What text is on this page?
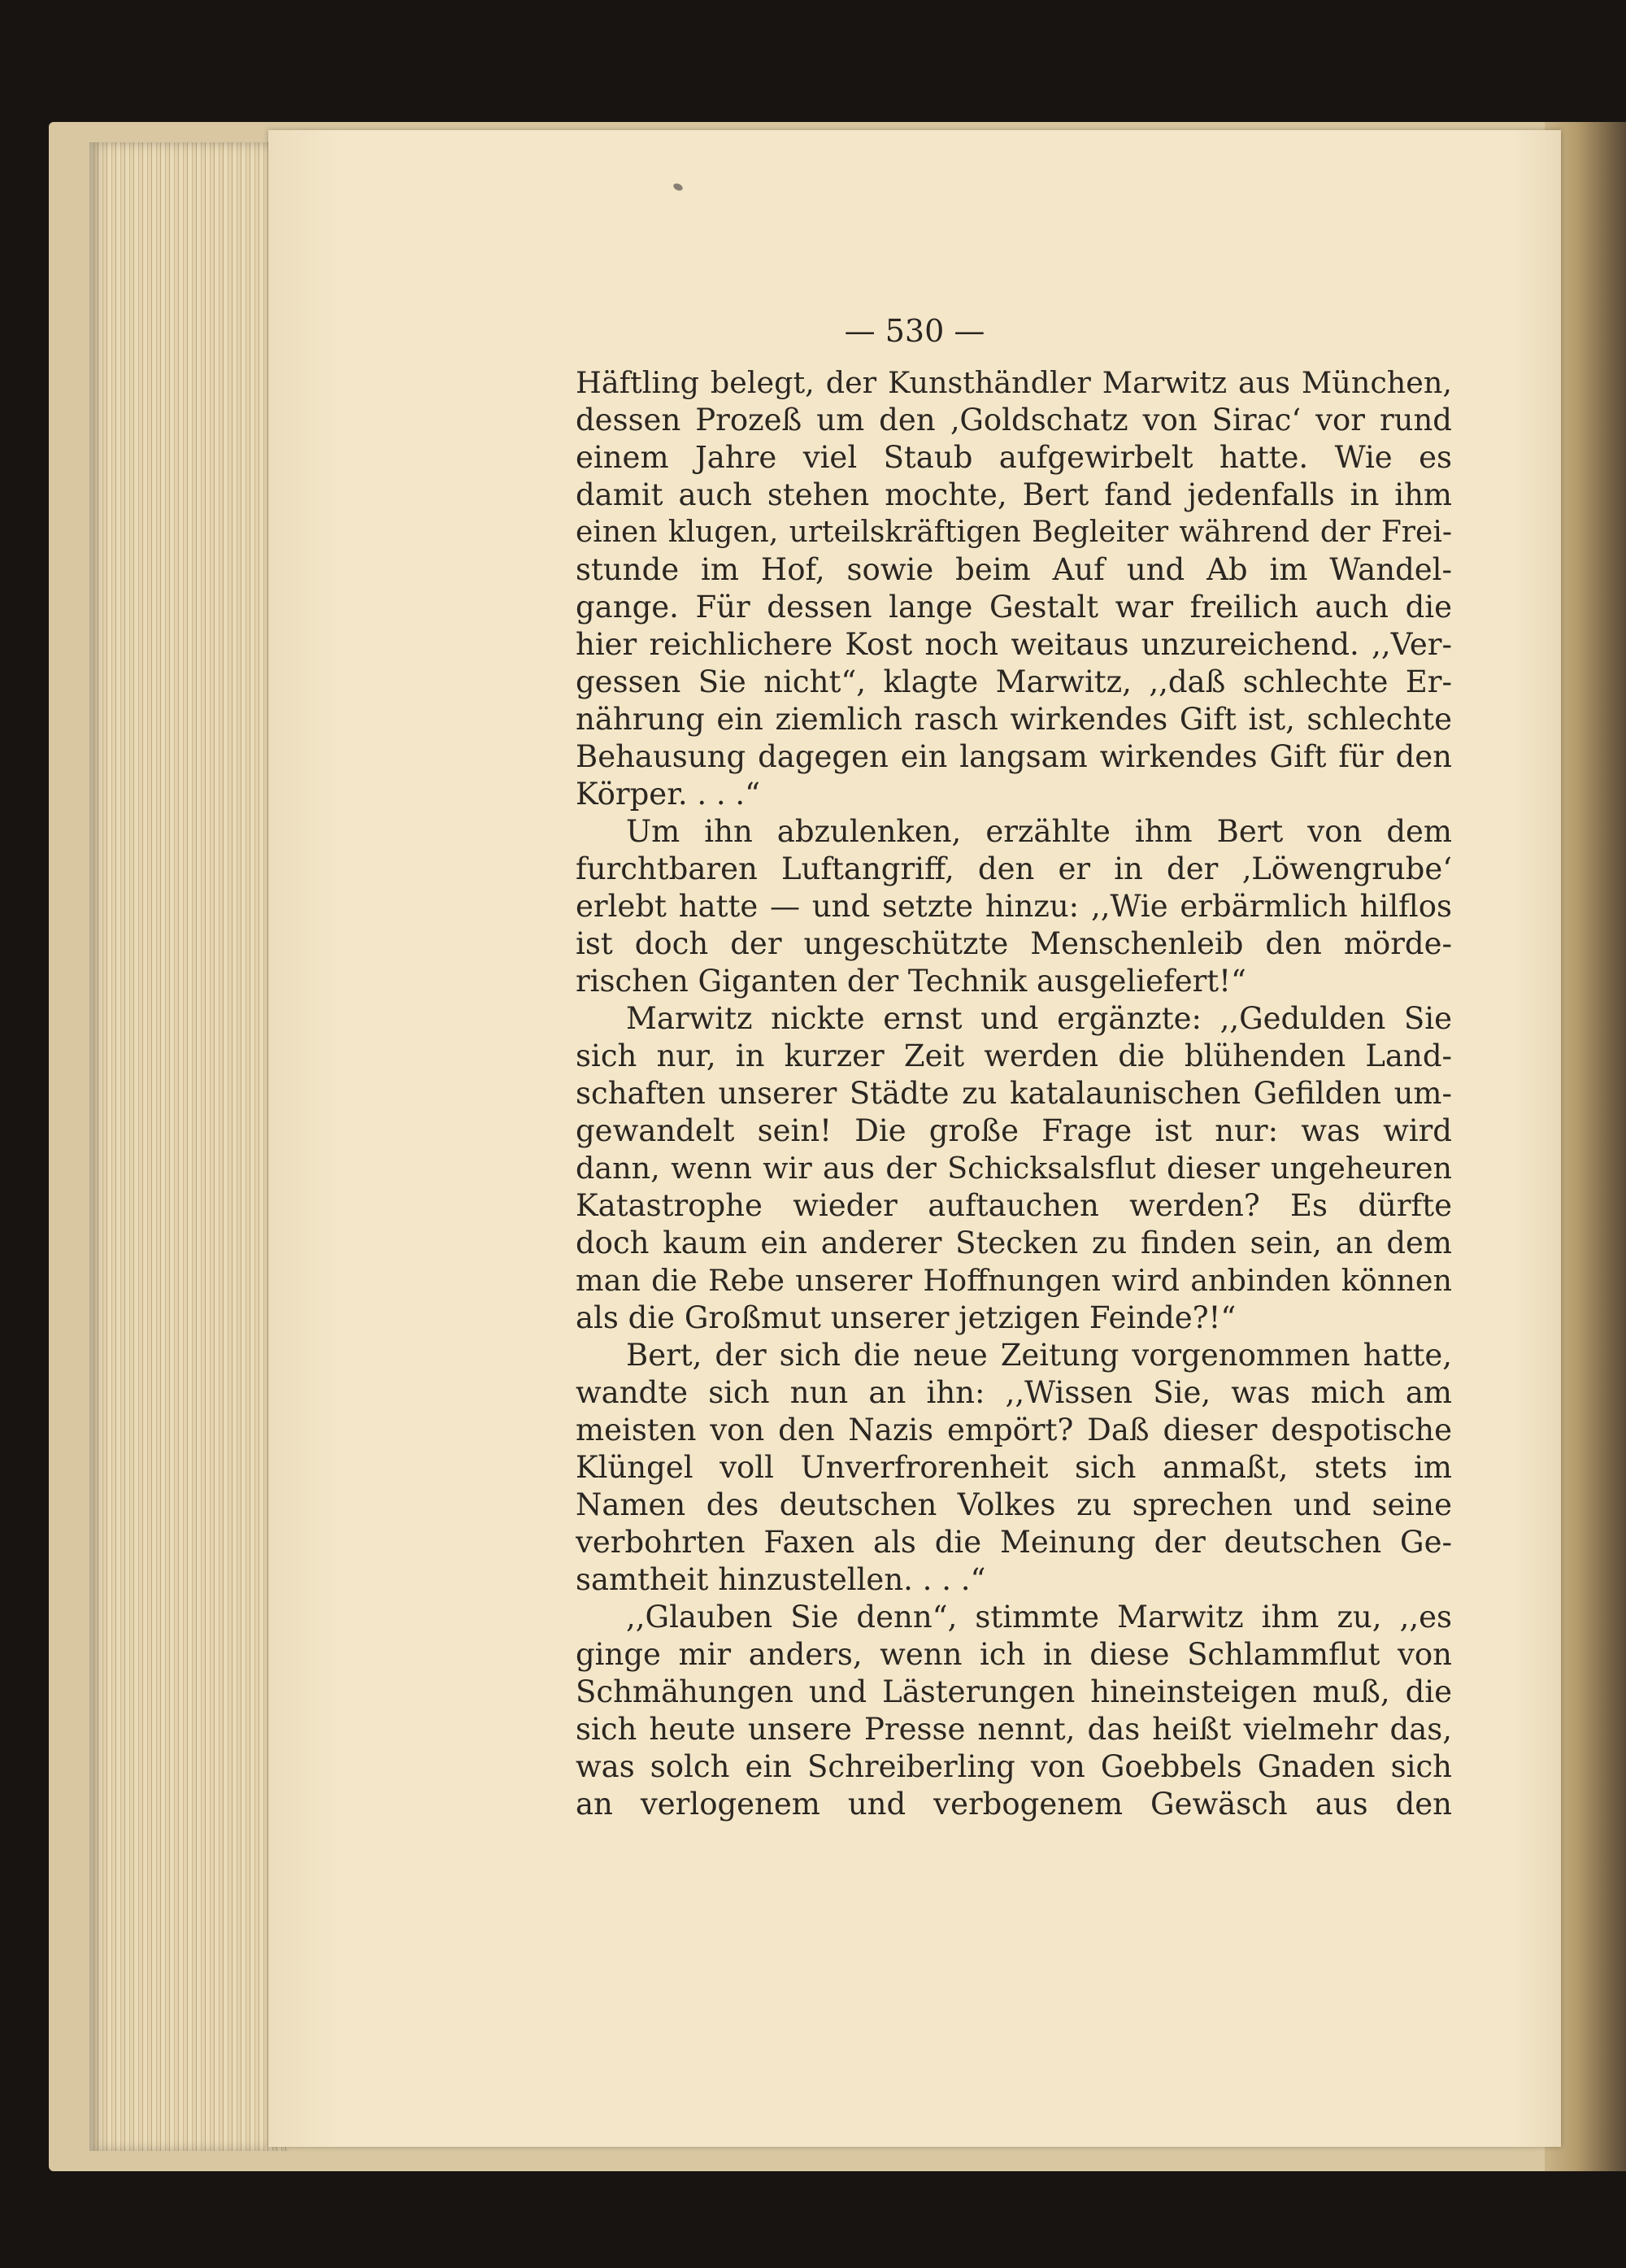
— 530 —
Häftling belegt, der Kunsthändler Marwitz aus München,
dessen Prozeß um den ‚Goldschatz von Sirac‘ vor rund
einem Jahre viel Staub aufgewirbelt hatte. Wie es
damit auch stehen mochte, Bert fand jedenfalls in ihm
einen klugen, urteilskräftigen Begleiter während der Frei-
stunde im Hof, sowie beim Auf und Ab im Wandel-
gange. Für dessen lange Gestalt war freilich auch die
hier reichlichere Kost noch weitaus unzureichend. ,,Ver-
gessen Sie nicht“, klagte Marwitz, ,,daß schlechte Er-
nährung ein ziemlich rasch wirkendes Gift ist, schlechte
Behausung dagegen ein langsam wirkendes Gift für den
Körper. . . .“
Um ihn abzulenken, erzählte ihm Bert von dem
furchtbaren Luftangriff, den er in der ‚Löwengrube‘
erlebt hatte — und setzte hinzu: ,,Wie erbärmlich hilflos
ist doch der ungeschützte Menschenleib den mörde-
rischen Giganten der Technik ausgeliefert!“
Marwitz nickte ernst und ergänzte: ,,Gedulden Sie
sich nur, in kurzer Zeit werden die blühenden Land-
schaften unserer Städte zu katalaunischen Gefilden um-
gewandelt sein! Die große Frage ist nur: was wird
dann, wenn wir aus der Schicksalsflut dieser ungeheuren
Katastrophe wieder auftauchen werden? Es dürfte
doch kaum ein anderer Stecken zu finden sein, an dem
man die Rebe unserer Hoffnungen wird anbinden können
als die Großmut unserer jetzigen Feinde?!“
Bert, der sich die neue Zeitung vorgenommen hatte,
wandte sich nun an ihn: ,,Wissen Sie, was mich am
meisten von den Nazis empört? Daß dieser despotische
Klüngel voll Unverfrorenheit sich anmaßt, stets im
Namen des deutschen Volkes zu sprechen und seine
verbohrten Faxen als die Meinung der deutschen Ge-
samtheit hinzustellen. . . .“
,,Glauben Sie denn“, stimmte Marwitz ihm zu, ,,es
ginge mir anders, wenn ich in diese Schlammflut von
Schmähungen und Lästerungen hineinsteigen muß, die
sich heute unsere Presse nennt, das heißt vielmehr das,
was solch ein Schreiberling von Goebbels Gnaden sich
an verlogenem und verbogenem Gewäsch aus den
